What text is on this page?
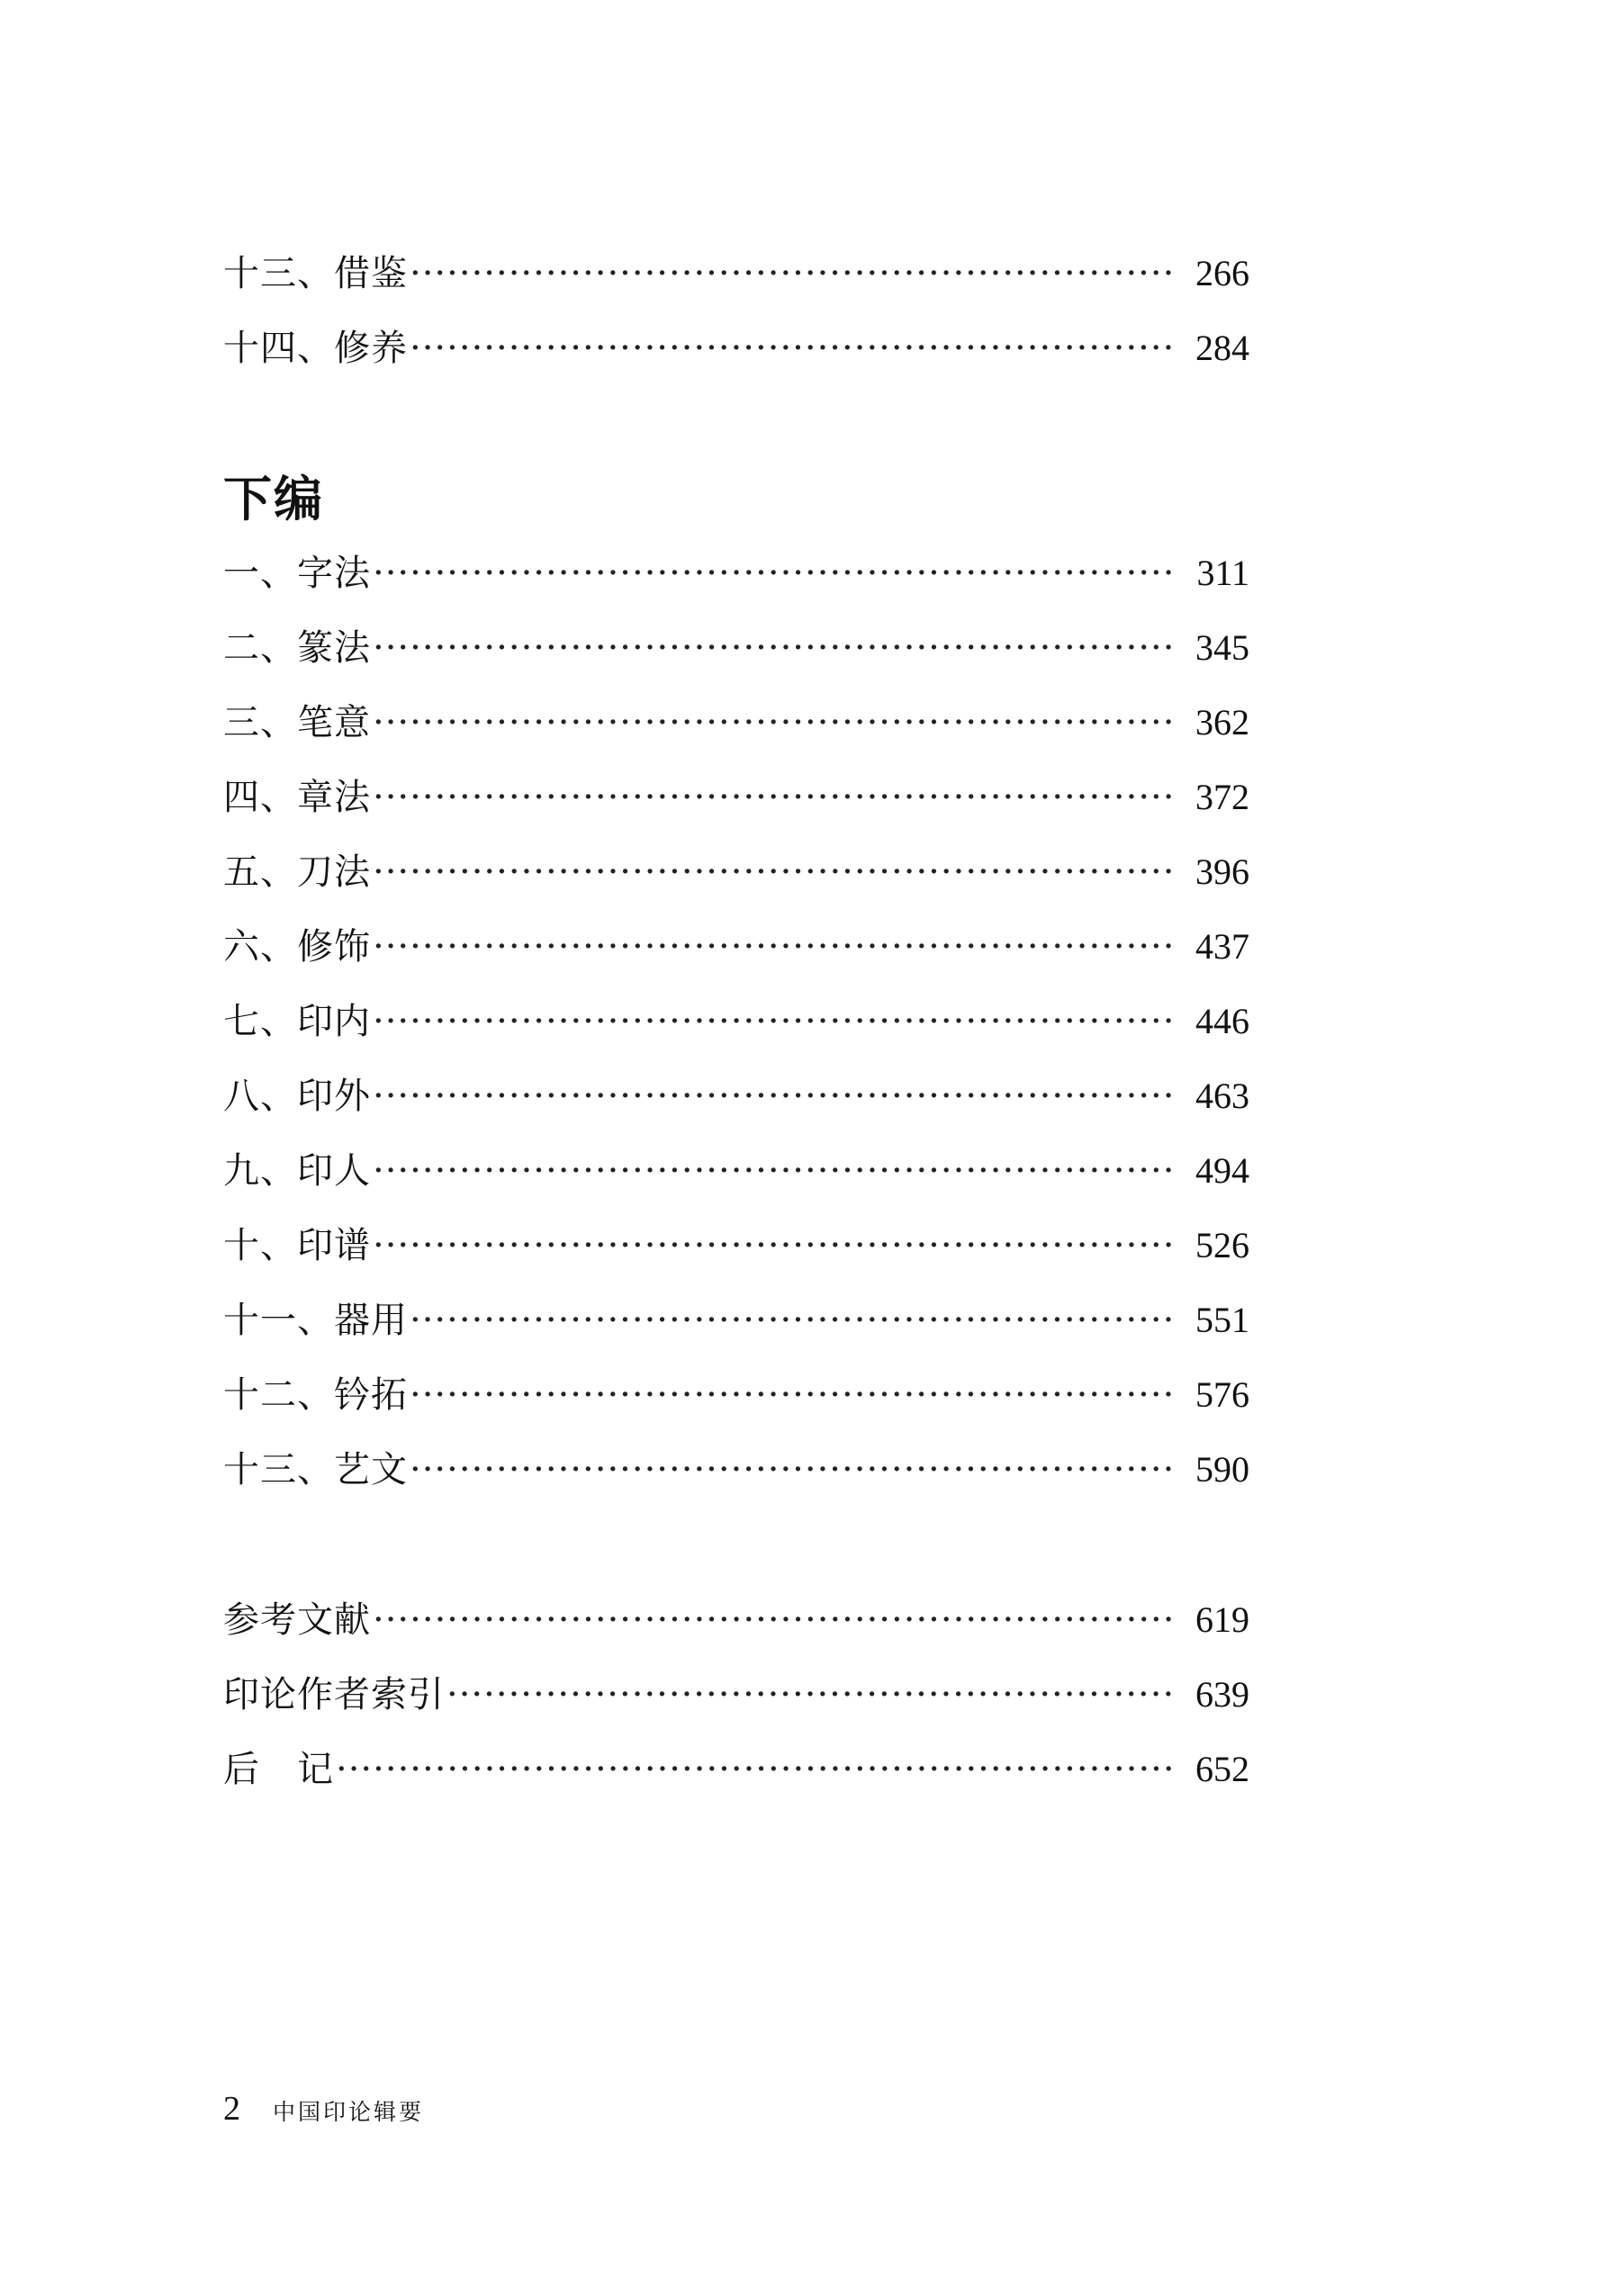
十三、借鉴 ·····	266
十四、修养 ·····	284
下编
一、字法 ·····	311
二、篆法 ·····	345
三、笔意 ·····	362
四、章法 ·····	372
五、刀法 ·····	396
六、修饰 ·····	437
七、印内 ·····	446
八、印外 ·····	463
九、印人 ·····	494
十、印谱 ·····	526
十一、器用 ·····	551
十二、钤拓 ·····	576
十三、艺文 ·····	590
参考文献 ·····	619
印论作者索引 ·····	639
后　记 ·····	652
2 中国印论辑要
